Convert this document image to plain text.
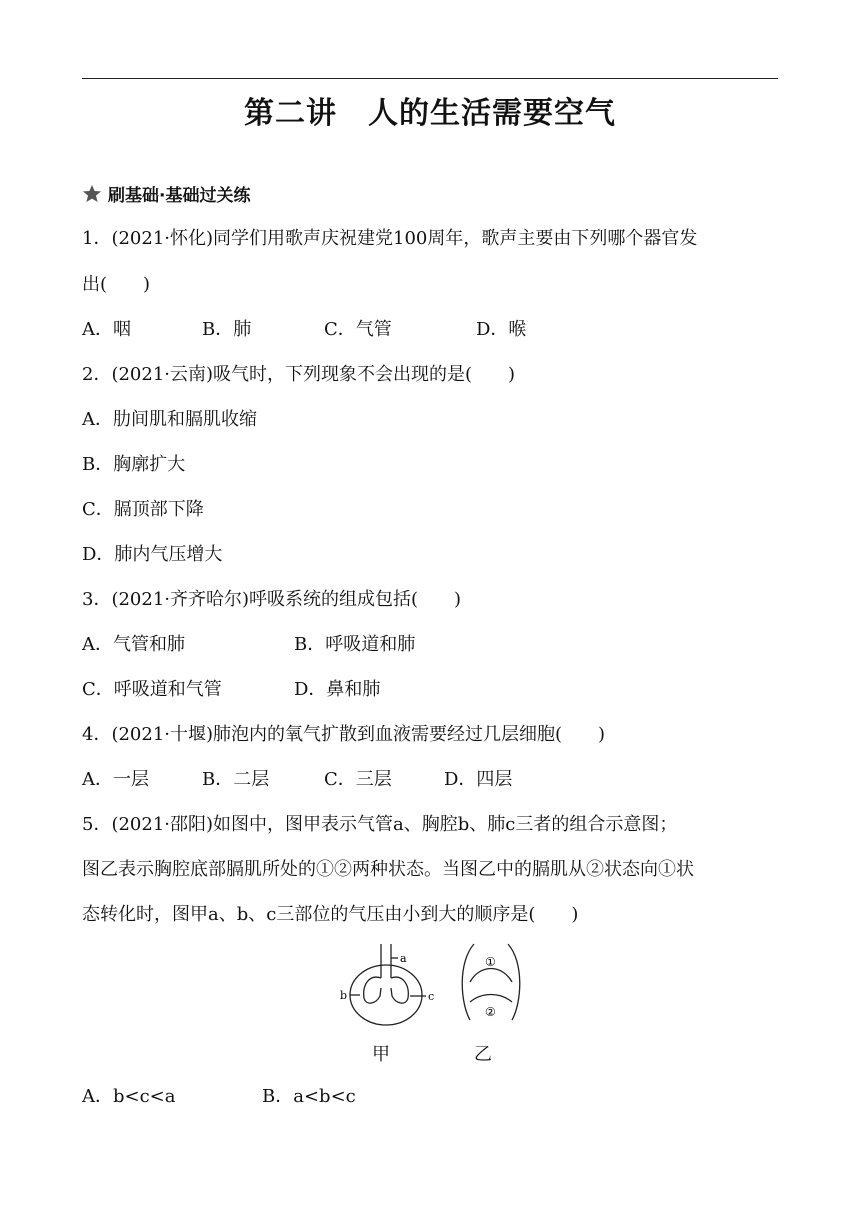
第二讲　人的生活需要空气
刷基础·基础过关练
1．(2021·怀化)同学们用歌声庆祝建党100周年，歌声主要由下列哪个器官发
出(　　)
A．咽	B．肺	C．气管	D．喉
2．(2021·云南)吸气时，下列现象不会出现的是(　　)
A．肋间肌和膈肌收缩
B．胸廓扩大
C．膈顶部下降
D．肺内气压增大
3．(2021·齐齐哈尔)呼吸系统的组成包括(　　)
A．气管和肺	B．呼吸道和肺
C．呼吸道和气管	D．鼻和肺
4．(2021·十堰)肺泡内的氧气扩散到血液需要经过几层细胞(　　)
A．一层	B．二层	C．三层	D．四层
5．(2021·邵阳)如图中，图甲表示气管a、胸腔b、肺c三者的组合示意图；
图乙表示胸腔底部膈肌所处的①②两种状态。当图乙中的膈肌从②状态向①状
态转化时，图甲a、b、c三部位的气压由小到大的顺序是(　　)
a
b	c
①
②
甲	乙
A．b<c<a	B．a<b<c
